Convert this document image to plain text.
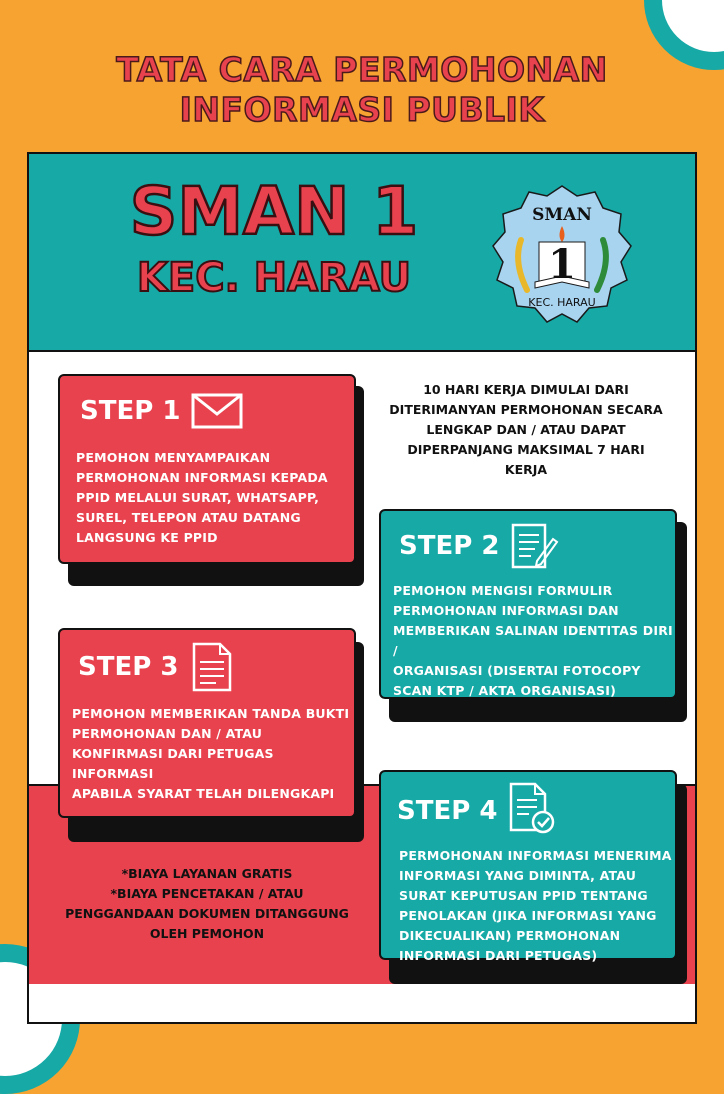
TATA CARA PERMOHONAN
INFORMASI PUBLIK
SMAN 1
KEC. HARAU
SMAN
1
KEC. HARAU
10 HARI KERJA DIMULAI DARI
DITERIMANYAN PERMOHONAN SECARA
LENGKAP DAN / ATAU DAPAT
DIPERPANJANG MAKSIMAL 7 HARI
KERJA
STEP 1
PEMOHON MENYAMPAIKAN
PERMOHONAN INFORMASI KEPADA
PPID MELALUI SURAT, WHATSAPP,
SUREL, TELEPON ATAU DATANG
LANGSUNG KE PPID	STEP 2
PEMOHON MENGISI FORMULIR
PERMOHONAN INFORMASI DAN
MEMBERIKAN SALINAN IDENTITAS DIRI /
ORGANISASI (DISERTAI FOTOCOPY
SCAN KTP / AKTA ORGANISASI)
STEP 3
PEMOHON MEMBERIKAN TANDA BUKTI
PERMOHONAN DAN / ATAU
KONFIRMASI DARI PETUGAS INFORMASI
APABILA SYARAT TELAH DILENGKAPI
*BIAYA LAYANAN GRATIS
*BIAYA PENCETAKAN / ATAU
PENGGANDAAN DOKUMEN DITANGGUNG
OLEH PEMOHON
STEP 4
PERMOHONAN INFORMASI MENERIMA
INFORMASI YANG DIMINTA, ATAU
SURAT KEPUTUSAN PPID TENTANG
PENOLAKAN (JIKA INFORMASI YANG
DIKECUALIKAN) PERMOHONAN
INFORMASI DARI PETUGAS)
